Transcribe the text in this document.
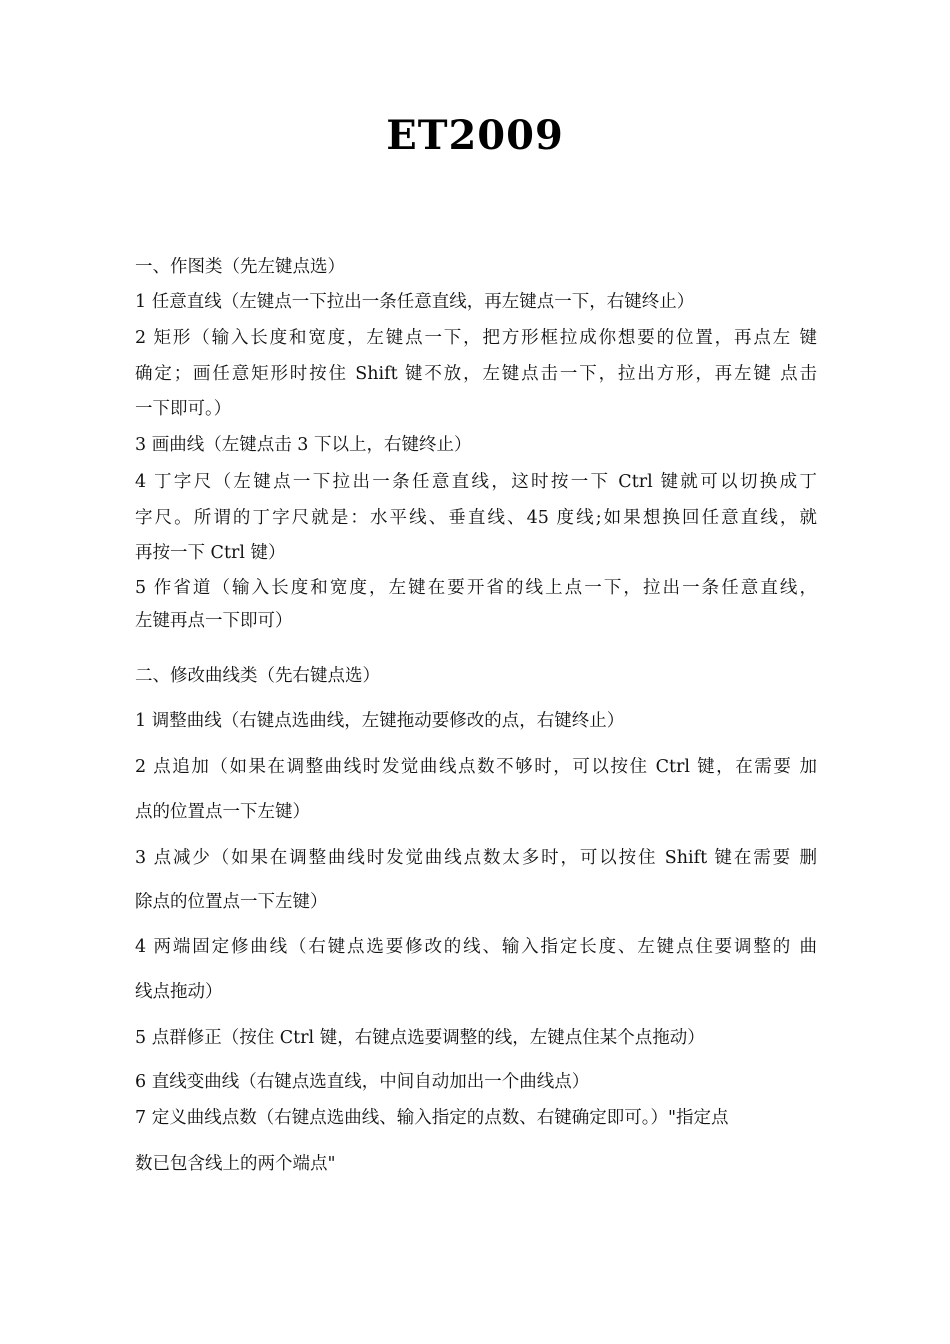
ET2009
一、作图类（先左键点选）
1 任意直线（左键点一下拉出一条任意直线，再左键点一下，右键终止）
2 矩形（输入长度和宽度，左键点一下，把方形框拉成你想要的位置，再点左 键
确定；画任意矩形时按住 Shift 键不放，左键点击一下，拉出方形，再左键 点击
一下即可。）
3 画曲线（左键点击 3 下以上，右键终止）
4 丁字尺（左键点一下拉出一条任意直线，这时按一下 Ctrl 键就可以切换成丁
字尺。所谓的丁字尺就是：水平线、垂直线、45 度线;如果想换回任意直线，就
再按一下 Ctrl 键）
5 作省道（输入长度和宽度，左键在要开省的线上点一下，拉出一条任意直线，
左键再点一下即可）
二、修改曲线类（先右键点选）
1 调整曲线（右键点选曲线，左键拖动要修改的点，右键终止）
2 点追加（如果在调整曲线时发觉曲线点数不够时，可以按住 Ctrl 键，在需要 加
点的位置点一下左键）
3 点减少（如果在调整曲线时发觉曲线点数太多时，可以按住 Shift 键在需要 删
除点的位置点一下左键）
4 两端固定修曲线（右键点选要修改的线、输入指定长度、左键点住要调整的 曲
线点拖动）
5 点群修正（按住 Ctrl 键，右键点选要调整的线，左键点住某个点拖动）
6 直线变曲线（右键点选直线，中间自动加出一个曲线点）
7 定义曲线点数（右键点选曲线、输入指定的点数、右键确定即可。）"指定点
数已包含线上的两个端点"
